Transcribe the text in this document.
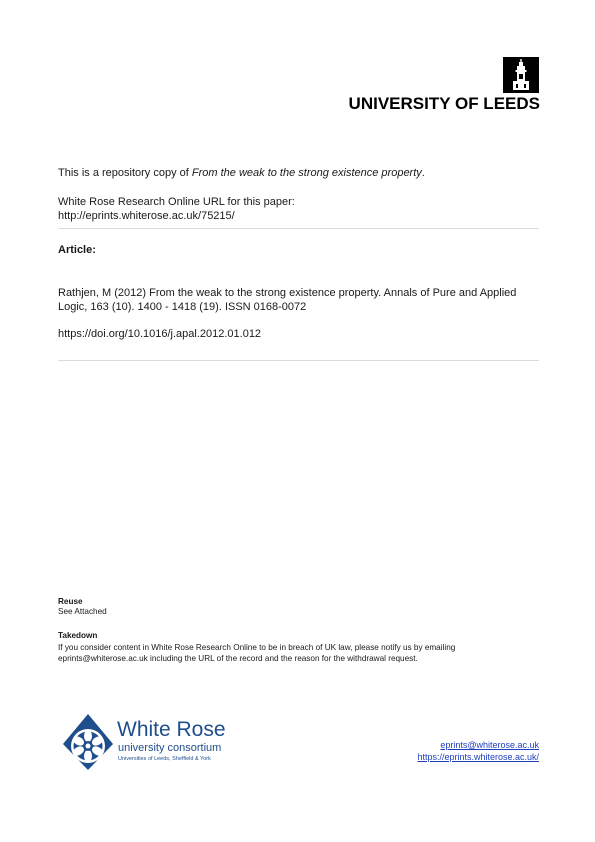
UNIVERSITY OF LEEDS
This is a repository copy of From the weak to the strong existence property.
White Rose Research Online URL for this paper:
http://eprints.whiterose.ac.uk/75215/
Article:
Rathjen, M (2012) From the weak to the strong existence property. Annals of Pure and Applied Logic, 163 (10). 1400 - 1418 (19). ISSN 0168-0072
https://doi.org/10.1016/j.apal.2012.01.012
Reuse
See Attached
Takedown
If you consider content in White Rose Research Online to be in breach of UK law, please notify us by emailing eprints@whiterose.ac.uk including the URL of the record and the reason for the withdrawal request.
White Rose
university consortium
Universities of Leeds, Sheffield & York
eprints@whiterose.ac.uk
https://eprints.whiterose.ac.uk/
